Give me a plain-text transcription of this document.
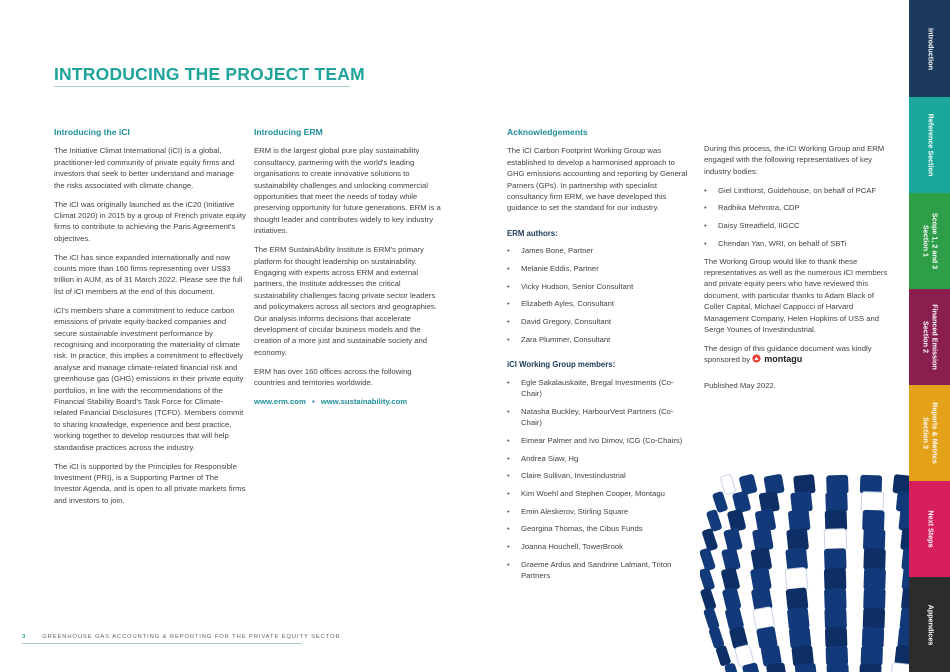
INTRODUCING THE PROJECT TEAM
Introducing the iCI

The Initiative Climat International (iCI) is a global, practitioner-led community of private equity firms and investors that seek to better understand and manage the risks associated with climate change.

The iCI was originally launched as the iC20 (Initiative Climat 2020) in 2015 by a group of French private equity firms to contribute to achieving the Paris Agreement's objectives.

The iCI has since expanded internationally and now counts more than 160 firms representing over US$3 trillion in AUM, as of 31 March 2022. Please see the full list of iCI members at the end of this document.

iCI's members share a commitment to reduce carbon emissions of private equity-backed companies and secure sustainable investment performance by recognising and incorporating the materiality of climate risk. In practice, this implies a commitment to effectively analyse and manage climate-related financial risk and greenhouse gas (GHG) emissions in their private equity portfolios, in line with the recommendations of the Financial Stability Board's Task Force for Climate-related Financial Disclosures (TCFD). Members commit to sharing knowledge, experience and best practice, working together to develop resources that will help standardise practices across the industry.

The iCI is supported by the Principles for Responsible Investment (PRI), is a Supporting Partner of The Investor Agenda, and is open to all private markets firms and investors to join.

Introducing ERM

ERM is the largest global pure play sustainability consultancy, partnering with the world's leading organisations to create innovative solutions to sustainability challenges and unlocking commercial opportunities that meet the needs of today while preserving opportunity for future generations. ERM is a thought leader and contributes widely to key industry initiatives.

The ERM SustainAbility Institute is ERM's primary platform for thought leadership on sustainability. Engaging with experts across ERM and external partners, the Institute addresses the critical sustainability challenges facing private sector leaders and policymakers across all sectors and geographies. Our analysis informs decisions that accelerate development of circular business models and the creation of a more just and sustainable society and economy.

ERM has over 160 offices across the following countries and territories worldwide.

www.erm.com • www.sustainability.com

Acknowledgements

The iCI Carbon Footprint Working Group was established to develop a harmonised approach to GHG emissions accounting and reporting by General Parners (GPs). In partnership with specialist consultancy firm ERM, we have developed this guidance to set the standard for our industry.

ERM authors:
• James Bone, Partner
• Melanie Eddis, Partner
• Vicky Hudson, Senior Consultant
• Elizabeth Ayles, Consultant
• David Gregory, Consultant
• Zara Plummer, Consultant
iCI Working Group members:
• Egle Sakalauskaite, Bregal Investments (Co-Chair)
• Natasha Buckley, HarbourVest Partners (Co-Chair)
• Eimear Palmer and Ivo Dimov, ICG (Co-Chairs)
• Andrea Siaw, Hg
• Claire Sullivan, Investindustrial
• Kim Woehl and Stephen Cooper, Montagu
• Emin Aleskerov, Stirling Square
• Georgina Thomas, the Cibus Funds
• Joanna Houchell, TowerBrook
• Graeme Ardus and Sandrine Lalmant, Triton Partners

During this process, the iCI Working Group and ERM engaged with the following representatives of key industry bodies:

• Giel Linthorst, Guidehouse, on behalf of PCAF
• Radhika Mehrotra, CDP
• Daisy Streatfield, IIGCC
• Chendan Yan, WRI, on behalf of SBTi

The Working Group would like to thank these representatives as well as the numerous iCI members and private equity peers who have reviewed this document, with particular thanks to Adam Black of Coller Capital, Michael Cappucci of Harvard Management Company, Helen Hopkins of USS and Serge Younes of Investindustrial.

The design of this guidance document was kindly sponsored by montagu

Published May 2022.

3	GREENHOUSE GAS ACCOUNTING & REPORTING FOR THE PRIVATE EQUITY SECTOR
Introduction
Reference Section
Scope 1, 2 and 3
Section 1
Financed Emission
Section 2
Reports & Metrics
Section 3
Next Steps
Appendices
